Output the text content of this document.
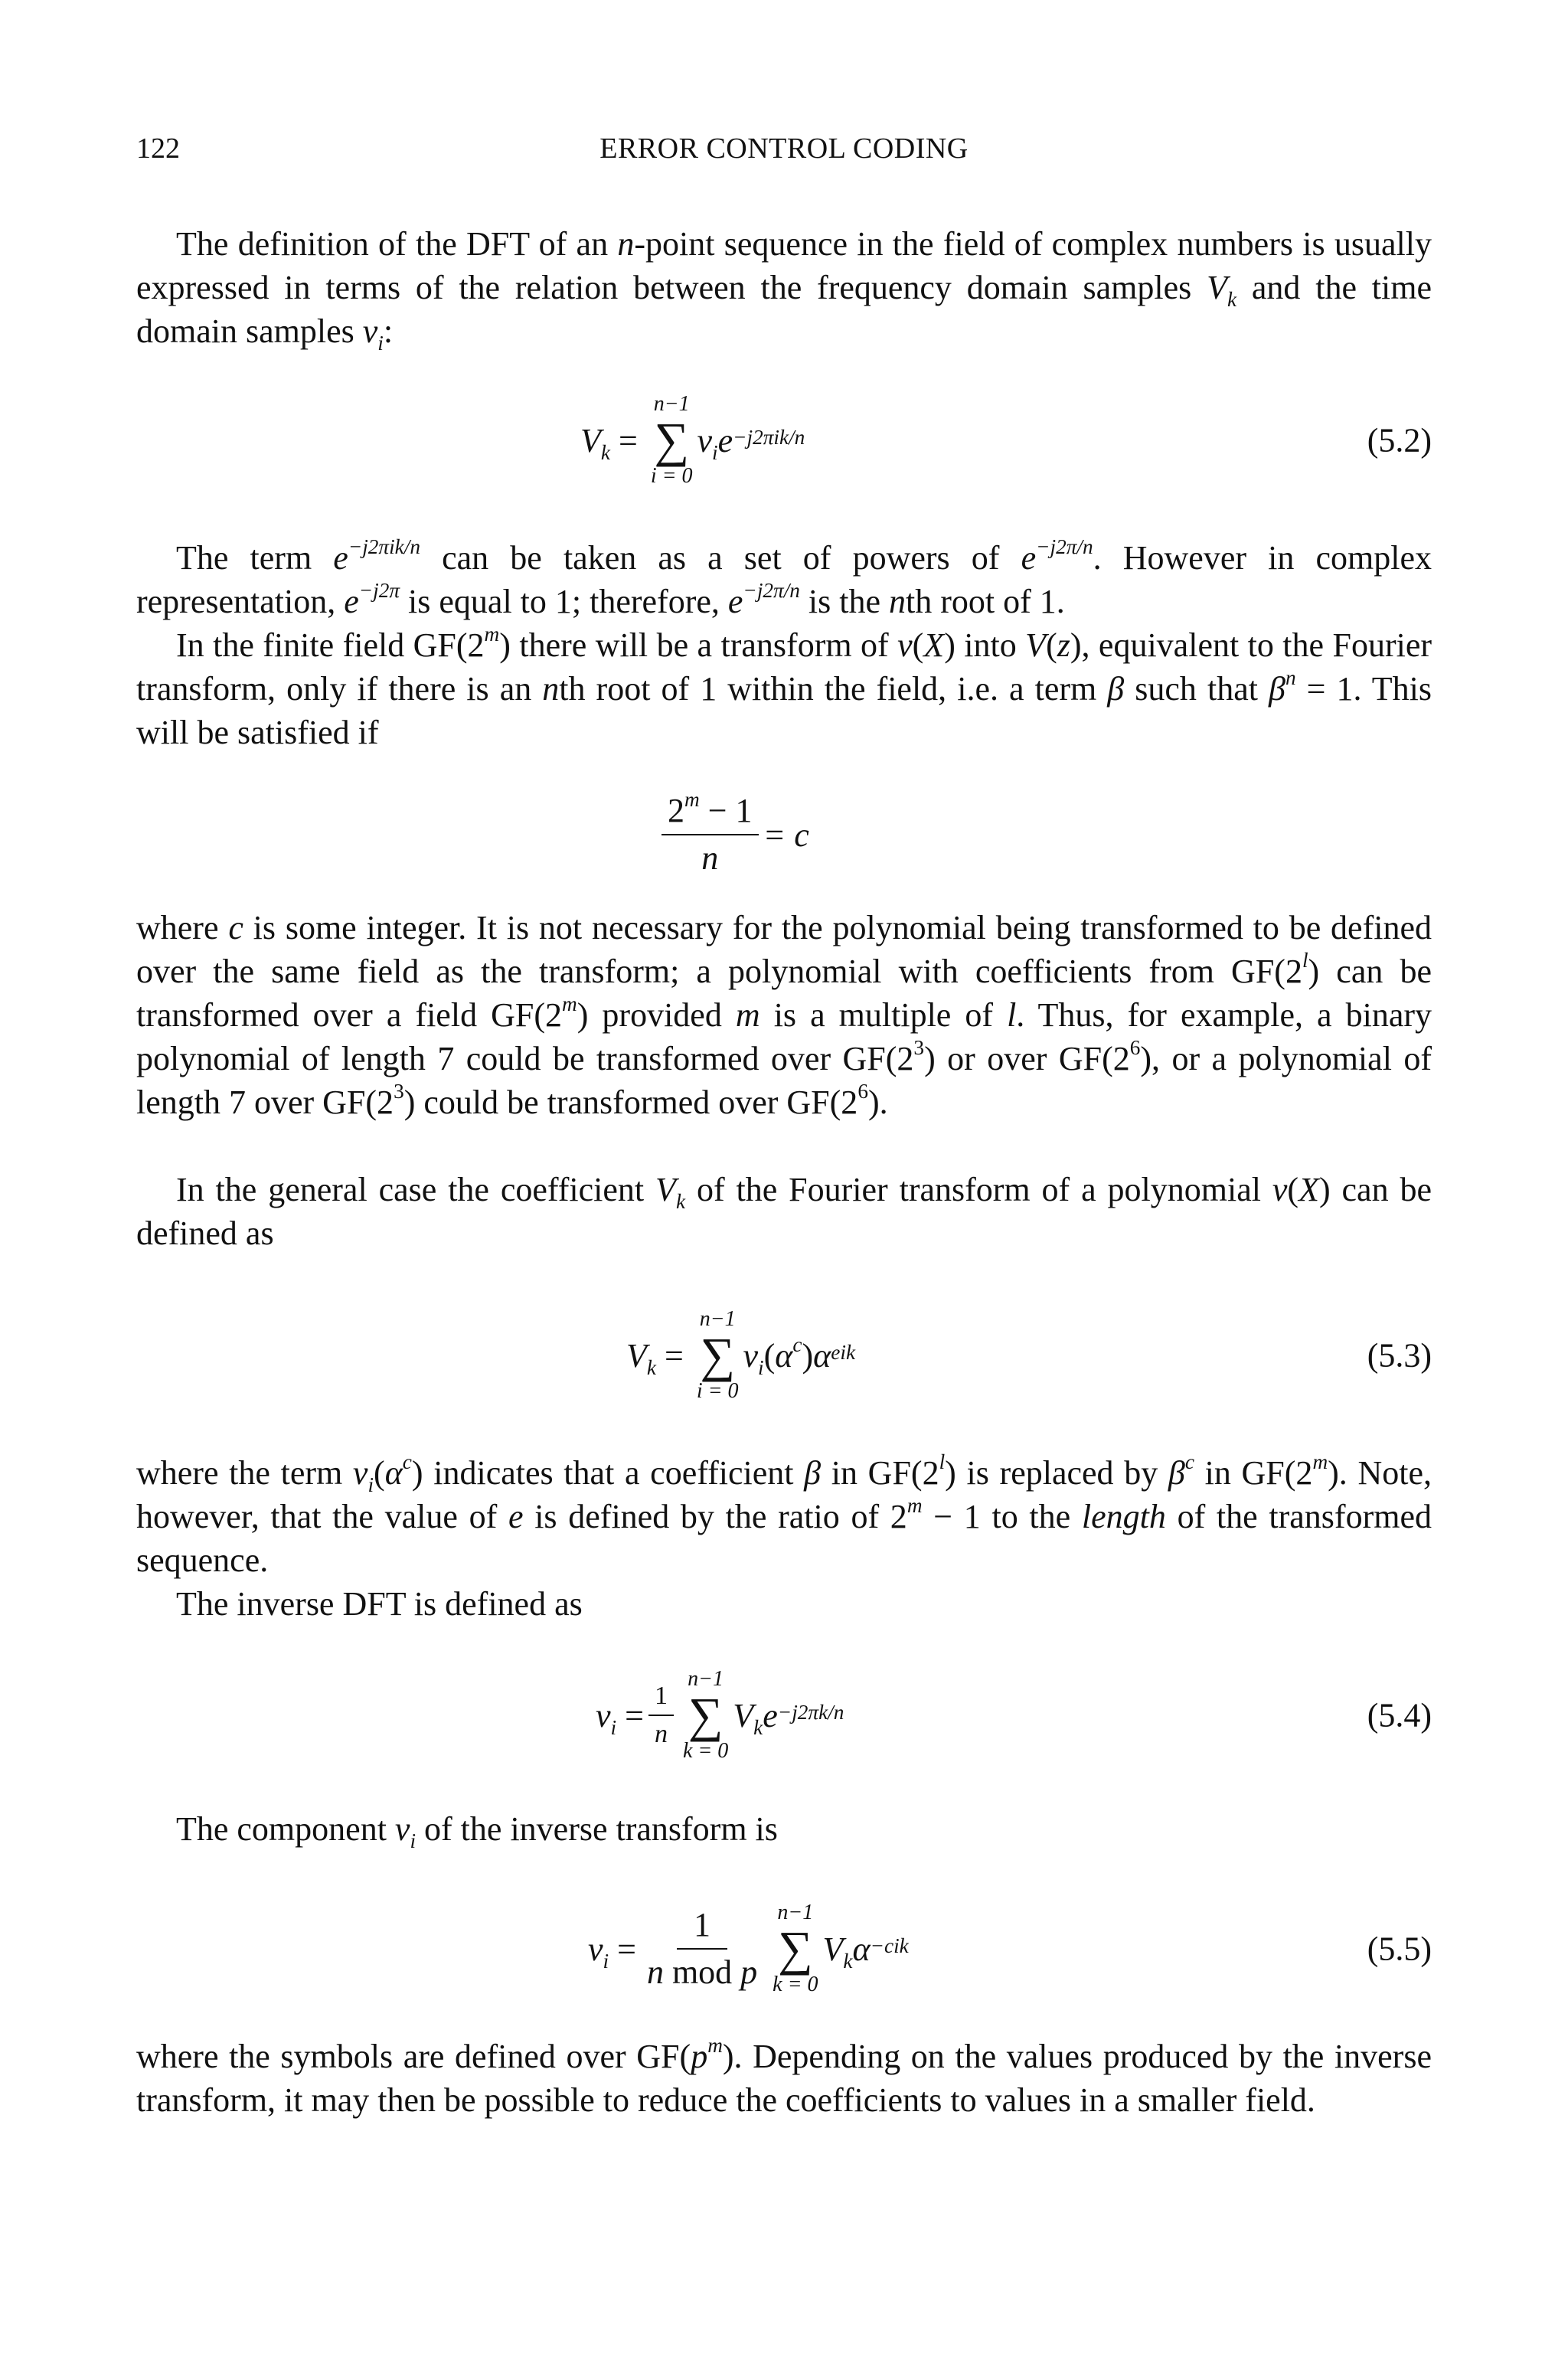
122	ERROR CONTROL CODING

The definition of the DFT of an n-point sequence in the field of complex numbers is usually expressed in terms of the relation between the frequency domain samples $V_k$ and the time domain samples $v_i$:

$V_k$ =
n−1
∑
i = 0
$v_ie$ $^{-j2\pi ik/n}$	(5.2)

The term $e^{-j2\pi ik/n}$ can be taken as a set of powers of $e^{-j2\pi/n}$. However in complex representation, $e^{-j2\pi}$ is equal to 1; therefore, $e^{-j2\pi/n}$ is the nth root of 1.

In the finite field GF(2$^m$) there will be a transform of v(X) into V(z), equivalent to the Fourier transform, only if there is an nth root of 1 within the field, i.e. a term β such that $\beta^n = 1$. This will be satisfied if

$\frac{2^m - 1}{n} = c$

where c is some integer. It is not necessary for the polynomial being transformed to be defined over the same field as the transform; a polynomial with coefficients from GF(2$^l$) can be transformed over a field GF(2$^m$) provided m is a multiple of l. Thus, for example, a binary polynomial of length 7 could be transformed over $GF(2^3)$ or over $GF(2^6)$, or a polynomial of length 7 over $GF(2^3)$ could be transformed over $GF(2^6)$.

In the general case the coefficient $V_k$ of the Fourier transform of a polynomial v(X) can be defined as

$V_k$ =
n−1
∑
i = 0
$v_i$ ( $\alpha^c$ ) α $^{eik}$	(5.3)

where the term $v_i(\alpha^c)$ indicates that a coefficient β in GF(2$^l$) is replaced by $\beta^c$ in GF(2$^m$). Note, however, that the value of e is defined by the ratio of $2^m - 1$ to the length of the transformed sequence.

The inverse DFT is defined as

$v_i = \frac{1}{n}$
n−1
∑
k = 0
$V_ke$ $^{-j2\pi k/n}$	(5.4)

The component $v_i$ of the inverse transform is

$v_i = \frac{1}{\text{n mod p}} n-1$
∑
k = 0
$V_k\alpha$ $^{-cik}$	(5.5)

where the symbols are defined over $GF(p^m)$. Depending on the values produced by the inverse transform, it may then be possible to reduce the coefficients to values in a smaller field.
